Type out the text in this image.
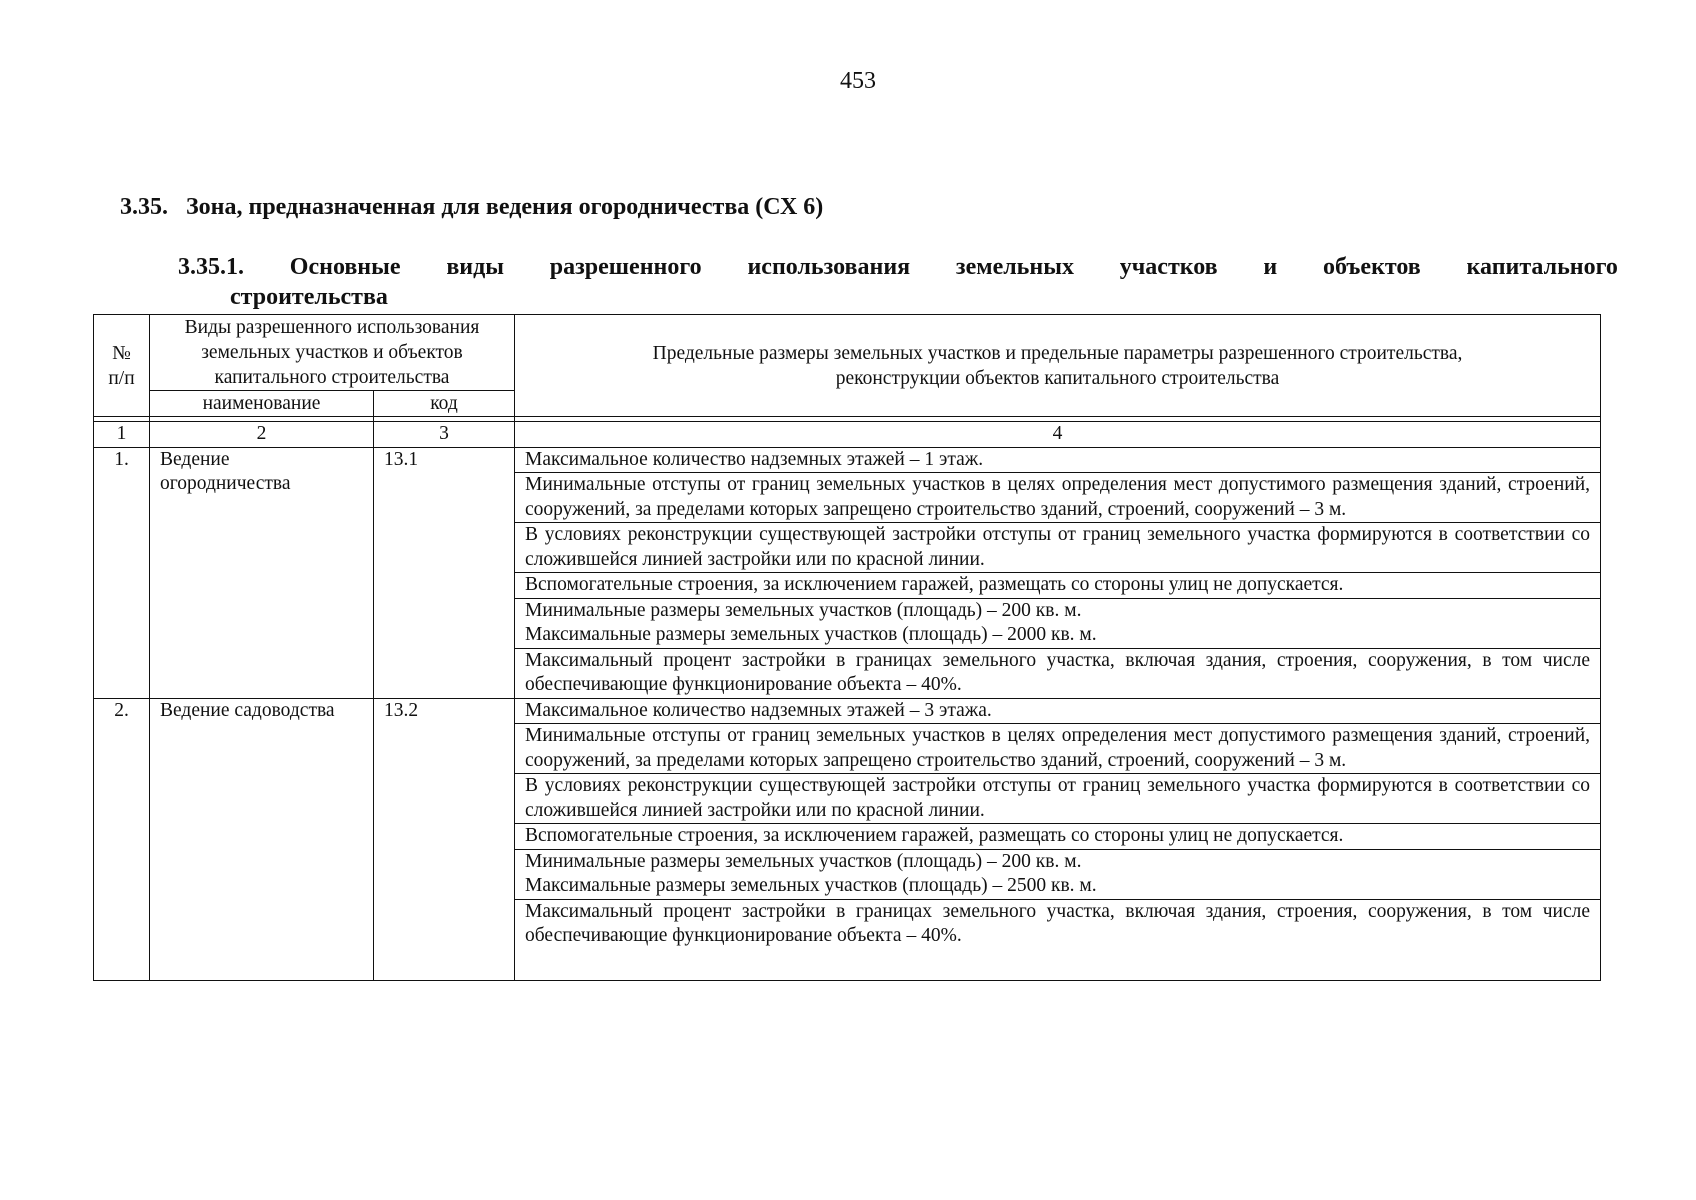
453
3.35. Зона, предназначенная для ведения огородничества (СХ 6)
3.35.1. Основные виды разрешенного использования земельных участков и объектов капитального
строительства
№ п/п	Виды разрешенного использования земельных участков и объектов капитального строительства		Предельные размеры земельных участков и предельные параметры разрешенного строительства, реконструкции объектов капитального строительства
	наименование	код	

1	2	3	4
1.	Ведение огородничества	13.1	Максимальное количество надземных этажей – 1 этаж.
			Минимальные отступы от границ земельных участков в целях определения мест допустимого размещения зданий, строений, сооружений, за пределами которых запрещено строительство зданий, строений, сооружений – 3 м.
			В условиях реконструкции существующей застройки отступы от границ земельного участка формируются в соответствии со сложившейся линией застройки или по красной линии.
			Вспомогательные строения, за исключением гаражей, размещать со стороны улиц не допускается.
			Минимальные размеры земельных участков (площадь) – 200 кв. м.
Максимальные размеры земельных участков (площадь) – 2000 кв. м.
			Максимальный процент застройки в границах земельного участка, включая здания, строения, сооружения, в том числе обеспечивающие функционирование объекта – 40%.
2.	Ведение садоводства	13.2	Максимальное количество надземных этажей – 3 этажа.
			Минимальные отступы от границ земельных участков в целях определения мест допустимого размещения зданий, строений, сооружений, за пределами которых запрещено строительство зданий, строений, сооружений – 3 м.
			В условиях реконструкции существующей застройки отступы от границ земельного участка формируются в соответствии со сложившейся линией застройки или по красной линии.
			Вспомогательные строения, за исключением гаражей, размещать со стороны улиц не допускается.
			Минимальные размеры земельных участков (площадь) – 200 кв. м.
Максимальные размеры земельных участков (площадь) – 2500 кв. м.
			Максимальный процент застройки в границах земельного участка, включая здания, строения, сооружения, в том числе обеспечивающие функционирование объекта – 40%.
